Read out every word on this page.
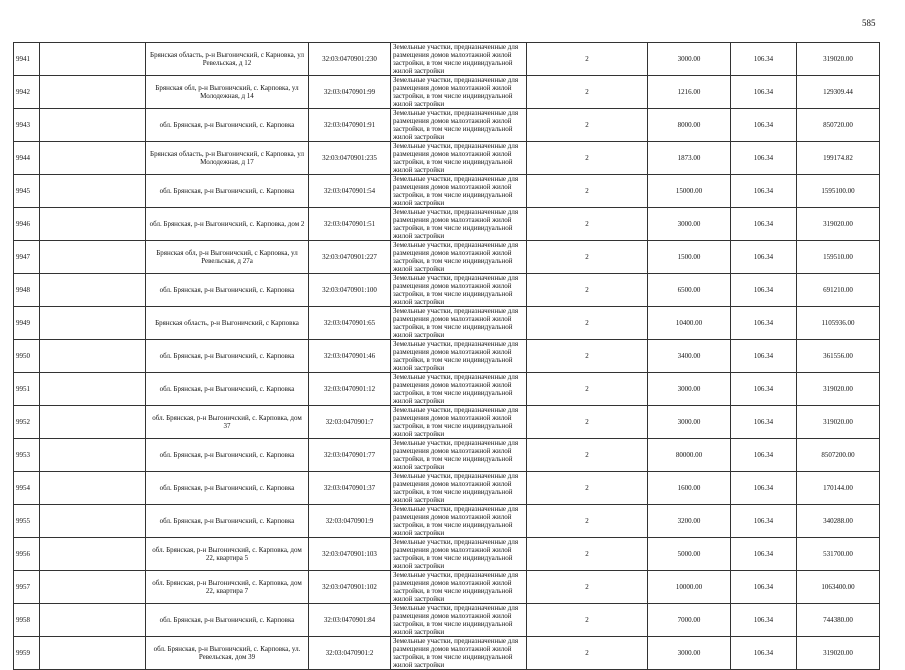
585
9941		Брянская область, р-н Выгоничский, с Карновка, ул Ревельская, д 12	32:03:0470901:230	Земельные участки, предназначенные для размещения домов малоэтажной жилой застройки, в том числе индивидуальной жилой застройки	2	3000.00	106.34	319020.00
9942		Брянская обл, р-н Выгоничский, с. Карповка, ул Молодежная, д 14	32:03:0470901:99	Земельные участки, предназначенные для размещения домов малоэтажной жилой застройки, в том числе индивидуальной жилой застройки	2	1216.00	106.34	129309.44
9943		обл. Брянская, р-н Выгоничский, с. Карповка	32:03:0470901:91	Земельные участки, предназначенные для размещения домов малоэтажной жилой застройки, в том числе индивидуальной жилой застройки	2	8000.00	106.34	850720.00
9944		Брянская область, р-н Выгоничский, с Карповка, ул Молодежная, д 17	32:03:0470901:235	Земельные участки, предназначенные для размещения домов малоэтажной жилой застройки, в том числе индивидуальной жилой застройки	2	1873.00	106.34	199174.82
9945		обл. Брянская, р-н Выгоничский, с. Карповка	32:03:0470901:54	Земельные участки, предназначенные для размещения домов малоэтажной жилой застройки, в том числе индивидуальной жилой застройки	2	15000.00	106.34	1595100.00
9946		обл. Брянская, р-н Выгоничский, с. Карповка, дом 2	32:03:0470901:51	Земельные участки, предназначенные для размещения домов малоэтажной жилой застройки, в том числе индивидуальной жилой застройки	2	3000.00	106.34	319020.00
9947		Брянская обл, р-н Выгоничский, с Карповка, ул Ревельская, д 27а	32:03:0470901:227	Земельные участки, предназначенные для размещения домов малоэтажной жилой застройки, в том числе индивидуальной жилой застройки	2	1500.00	106.34	159510.00
9948		обл. Брянская, р-н Выгоничский, с. Карповка	32:03:0470901:100	Земельные участки, предназначенные для размещения домов малоэтажной жилой застройки, в том числе индивидуальной жилой застройки	2	6500.00	106.34	691210.00
9949		Брянская область, р-н Выгоничский, с Карповка	32:03:0470901:65	Земельные участки, предназначенные для размещения домов малоэтажной жилой застройки, в том числе индивидуальной жилой застройки	2	10400.00	106.34	1105936.00
9950		обл. Брянская, р-н Выгоничский, с. Карповка	32:03:0470901:46	Земельные участки, предназначенные для размещения домов малоэтажной жилой застройки, в том числе индивидуальной жилой застройки	2	3400.00	106.34	361556.00
9951		обл. Брянская, р-н Выгоничский, с. Карповка	32:03:0470901:12	Земельные участки, предназначенные для размещения домов малоэтажной жилой застройки, в том числе индивидуальной жилой застройки	2	3000.00	106.34	319020.00
9952		обл. Брянская, р-н Выгоничский, с. Карповка, дом 37	32:03:0470901:7	Земельные участки, предназначенные для размещения домов малоэтажной жилой застройки, в том числе индивидуальной жилой застройки	2	3000.00	106.34	319020.00
9953		обл. Брянская, р-н Выгоничский, с. Карповка	32:03:0470901:77	Земельные участки, предназначенные для размещения домов малоэтажной жилой застройки, в том числе индивидуальной жилой застройки	2	80000.00	106.34	8507200.00
9954		обл. Брянская, р-н Выгоничский, с. Карповка	32:03:0470901:37	Земельные участки, предназначенные для размещения домов малоэтажной жилой застройки, в том числе индивидуальной жилой застройки	2	1600.00	106.34	170144.00
9955		обл. Брянская, р-н Выгоничский, с. Карповка	32:03:0470901:9	Земельные участки, предназначенные для размещения домов малоэтажной жилой застройки, в том числе индивидуальной жилой застройки	2	3200.00	106.34	340288.00
9956		обл. Брянская, р-н Выгоничский, с. Карповка, дом 22, квартира 5	32:03:0470901:103	Земельные участки, предназначенные для размещения домов малоэтажной жилой застройки, в том числе индивидуальной жилой застройки	2	5000.00	106.34	531700.00
9957		обл. Брянская, р-н Выгоничский, с. Карповка, дом 22, квартира 7	32:03:0470901:102	Земельные участки, предназначенные для размещения домов малоэтажной жилой застройки, в том числе индивидуальной жилой застройки	2	10000.00	106.34	1063400.00
9958		обл. Брянская, р-н Выгоничский, с. Карповка	32:03:0470901:84	Земельные участки, предназначенные для размещения домов малоэтажной жилой застройки, в том числе индивидуальной жилой застройки	2	7000.00	106.34	744380.00
9959		обл. Брянская, р-н Выгоничский, с. Карповка, ул. Ревельская, дом 39	32:03:0470901:2	Земельные участки, предназначенные для размещения домов малоэтажной жилой застройки, в том числе индивидуальной жилой застройки	2	3000.00	106.34	319020.00
